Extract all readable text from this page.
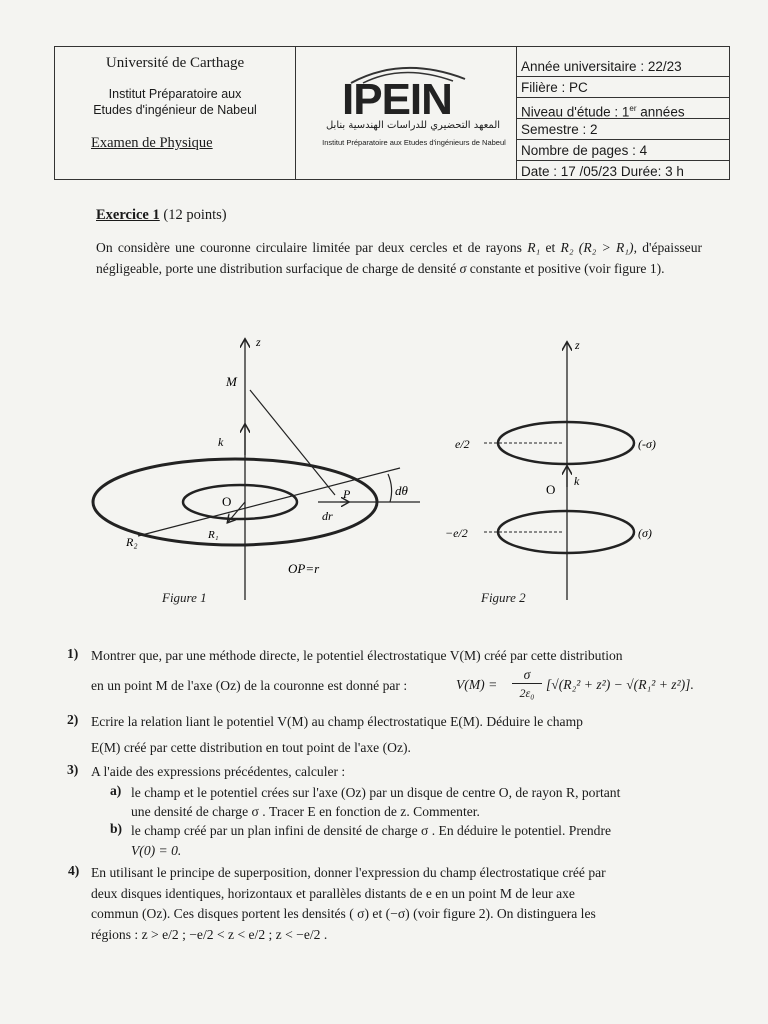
Université de Carthage
Institut Préparatoire aux
Etudes d'ingénieur de Nabeul
Examen de Physique
IPEIN
المعهد التحضيري للدراسات الهندسية بنابل
Institut Préparatoire aux Etudes d'ingénieurs de Nabeul
Année universitaire : 22/23
Filière : PC
Niveau d'étude : 1er années
Semestre : 2
Nombre de pages : 4
Date : 17 /05/23 Durée: 3 h
Exercice 1 (12 points)
On considère une couronne circulaire limitée par deux cercles et de rayons R₁ et R₂ (R₂ > R₁), d'épaisseur négligeable, porte une distribution surfacique de charge de densité σ constante et positive (voir figure 1).
z
M
k
O	P	dθ
dr
R₁
R₂
OP=r
Figure 1
z
e/2
−e/2
O
k
(-σ)
(σ)
Figure 2
1) Montrer que, par une méthode directe, le potentiel électrostatique V(M) créé par cette distribution
en un point M de l'axe (Oz) de la couronne est donné par :	V(M) =
σ
2ε₀
[√(R₂² + z²) − √(R₁² + z²)].
2) Ecrire la relation liant le potentiel V(M) au champ électrostatique E(M). Déduire le champ
E(M) créé par cette distribution en tout point de l'axe (Oz).
3) A l'aide des expressions précédentes, calculer :
a) le champ et le potentiel crées sur l'axe (Oz) par un disque de centre O, de rayon R, portant
une densité de charge σ . Tracer E en fonction de z. Commenter.
b) le champ créé par un plan infini de densité de charge σ . En déduire le potentiel. Prendre
V(0) = 0.
4) En utilisant le principe de superposition, donner l'expression du champ électrostatique créé par
deux disques identiques, horizontaux et parallèles distants de e en un point M de leur axe
commun (Oz). Ces disques portent les densités ( σ) et (−σ) (voir figure 2). On distinguera les
régions : z > e/2 ; −e/2 < z < e/2 ; z < −e/2 .
